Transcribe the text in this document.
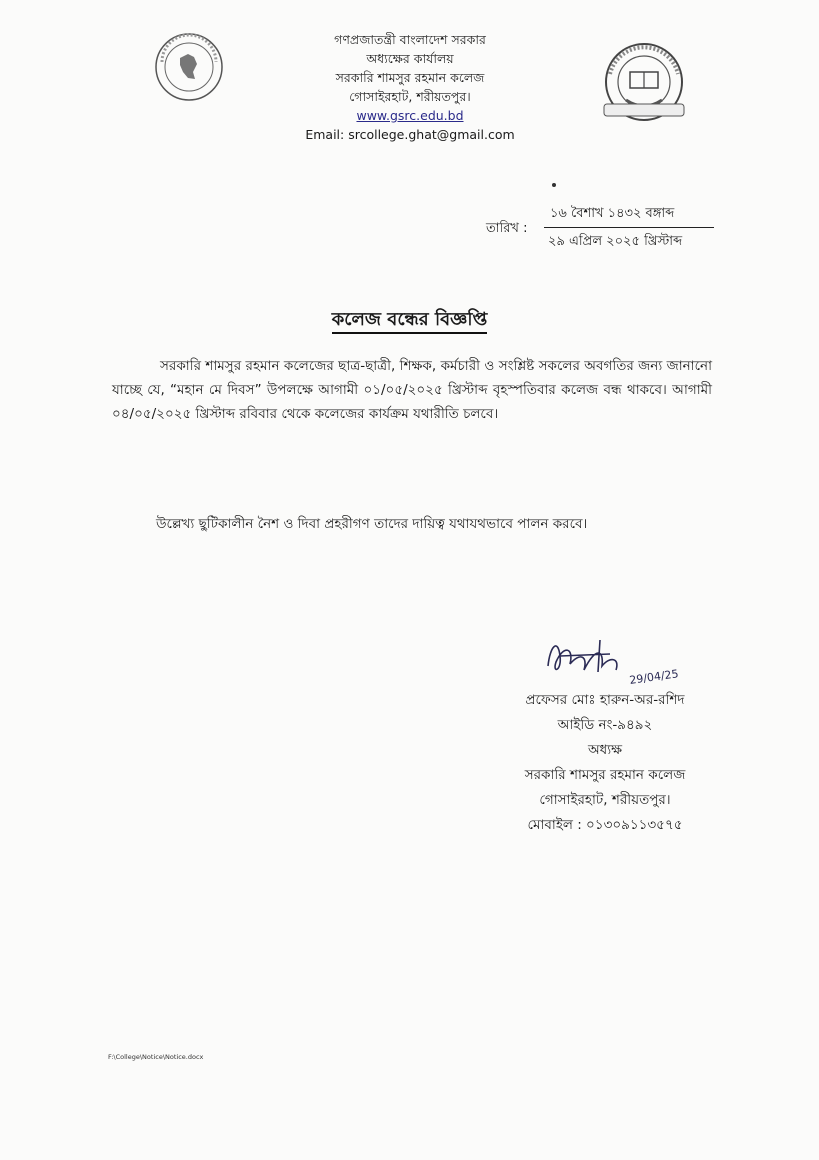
গণপ্রজাতন্ত্রী বাংলাদেশ সরকার
অধ্যক্ষের কার্যালয়
সরকারি শামসুর রহমান কলেজ
গোসাইরহাট, শরীয়তপুর।
www.gsrc.edu.bd
Email: srcollege.ghat@gmail.com
তারিখ :
১৬ বৈশাখ ১৪৩২ বঙ্গাব্দ
২৯ এপ্রিল ২০২৫ খ্রিস্টাব্দ
কলেজ বন্ধের বিজ্ঞপ্তি

সরকারি শামসুর রহমান কলেজের ছাত্র-ছাত্রী, শিক্ষক, কর্মচারী ও সংশ্লিষ্ট সকলের অবগতির জন্য জানানো যাচ্ছে যে, “মহান মে দিবস” উপলক্ষে আগামী ০১/০৫/২০২৫ খ্রিস্টাব্দ বৃহস্পতিবার কলেজ বন্ধ থাকবে। আগামী ০৪/০৫/২০২৫ খ্রিস্টাব্দ রবিবার থেকে কলেজের কার্যক্রম যথারীতি চলবে।

উল্লেখ্য ছুটিকালীন নৈশ ও দিবা প্রহরীগণ তাদের দায়িত্ব যথাযথভাবে পালন করবে।
29/04/25
প্রফেসর মোঃ হারুন-অর-রশিদ
আইডি নং-৯৪৯২
অধ্যক্ষ
সরকারি শামসুর রহমান কলেজ
গোসাইরহাট, শরীয়তপুর।
মোবাইল : ০১৩০৯১১৩৫৭৫
F:\College\Notice\Notice.docx
